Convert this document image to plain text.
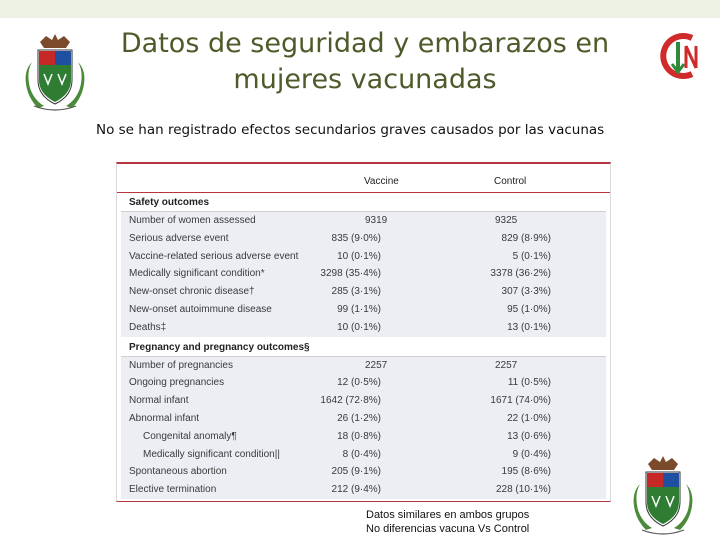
Datos de seguridad y embarazos en
mujeres vacunadas
No se han registrado efectos secundarios graves causados por las vacunas
Vaccine	Control
Safety outcomes
Number of women assessed	9319	9325
Serious adverse event	835 (9·0%)	829 (8·9%)
Vaccine-related serious adverse event	10 (0·1%)	5 (0·1%)
Medically significant condition*	3298 (35·4%)	3378 (36·2%)
New-onset chronic disease†	285 (3·1%)	307 (3·3%)
New-onset autoimmune disease	99 (1·1%)	95 (1·0%)
Deaths‡	10 (0·1%)	13 (0·1%)
Pregnancy and pregnancy outcomes§
Number of pregnancies	2257	2257
Ongoing pregnancies	12 (0·5%)	11 (0·5%)
Normal infant	1642 (72·8%)	1671 (74·0%)
Abnormal infant	26 (1·2%)	22 (1·0%)
Congenital anomaly¶	18 (0·8%)	13 (0·6%)
Medically significant condition||	8 (0·4%)	9 (0·4%)
Spontaneous abortion	205 (9·1%)	195 (8·6%)
Elective termination	212 (9·4%)	228 (10·1%)
Datos similares en ambos grupos
No diferencias vacuna Vs Control
